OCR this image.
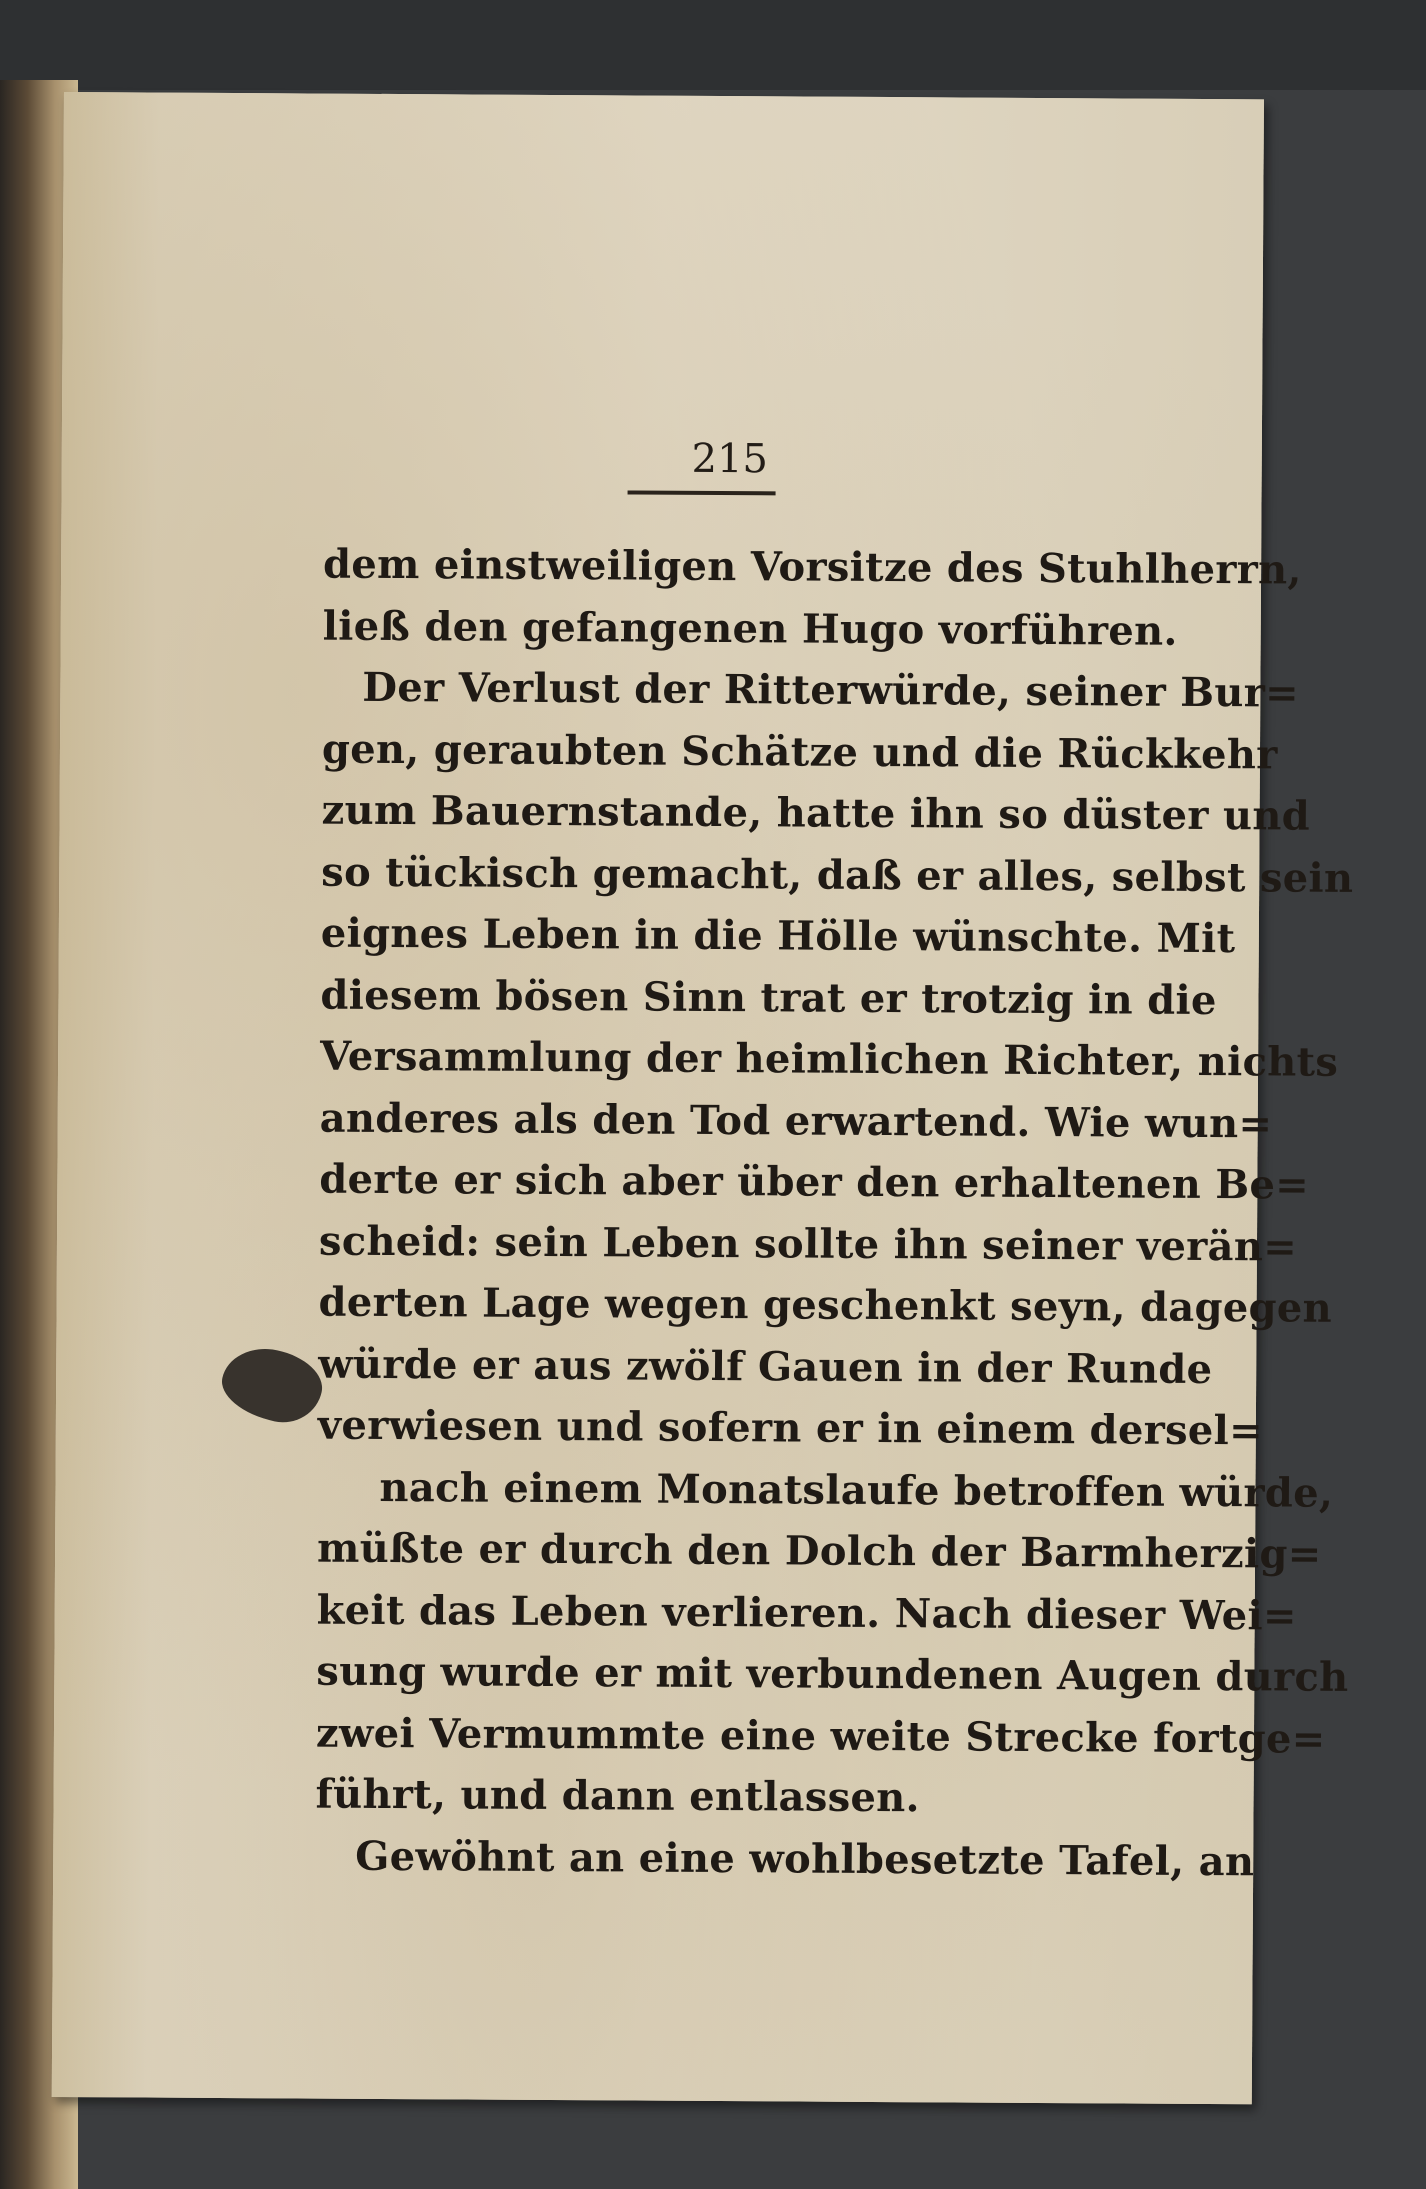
215
dem einstweiligen Vorsitze des Stuhlherrn,
ließ den gefangenen Hugo vorführen.
Der Verlust der Ritterwürde, seiner Bur=
gen, geraubten Schätze und die Rückkehr
zum Bauernstande, hatte ihn so düster und
so tückisch gemacht, daß er alles, selbst sein
eignes Leben in die Hölle wünschte. Mit
diesem bösen Sinn trat er trotzig in die
Versammlung der heimlichen Richter, nichts
anderes als den Tod erwartend. Wie wun=
derte er sich aber über den erhaltenen Be=
scheid: sein Leben sollte ihn seiner verän=
derten Lage wegen geschenkt seyn, dagegen
würde er aus zwölf Gauen in der Runde
verwiesen und sofern er in einem dersel=
nach einem Monatslaufe betroffen würde,
müßte er durch den Dolch der Barmherzig=
keit das Leben verlieren. Nach dieser Wei=
sung wurde er mit verbundenen Augen durch
zwei Vermummte eine weite Strecke fortge=
führt, und dann entlassen.
Gewöhnt an eine wohlbesetzte Tafel, an
